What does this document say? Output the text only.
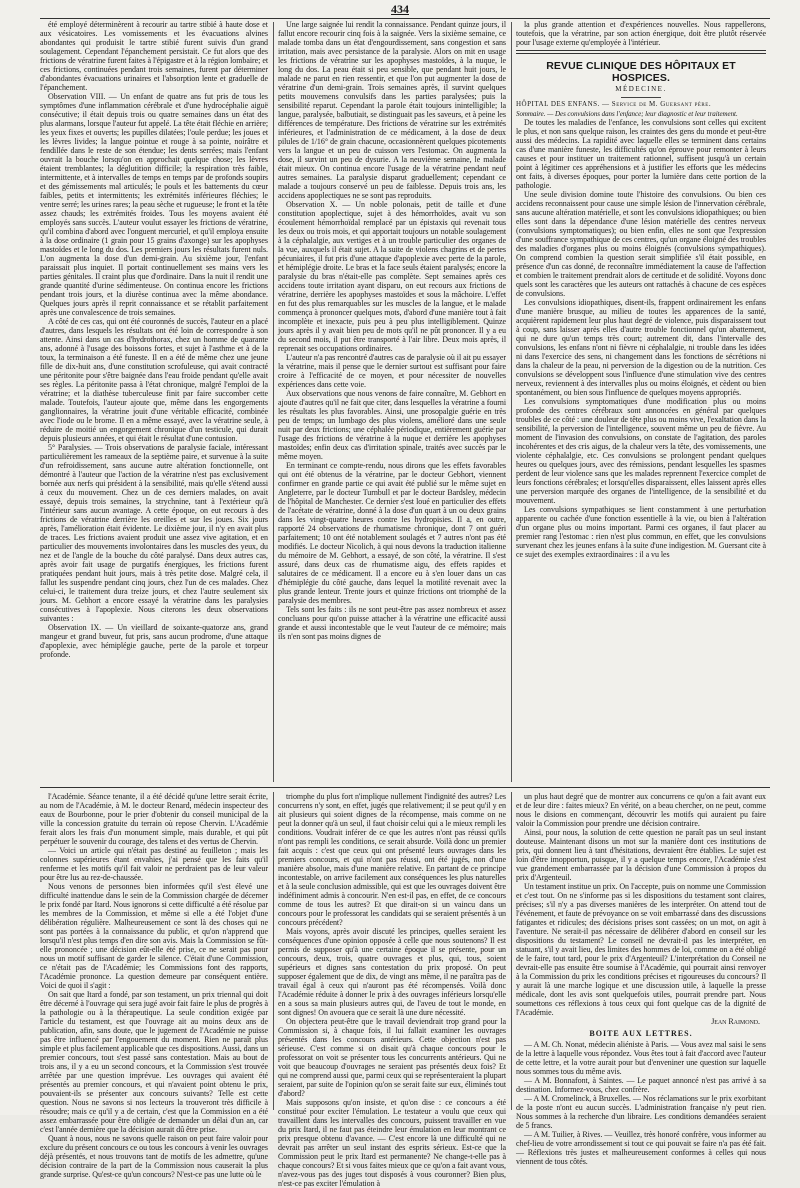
434

été employé déterminèrent à recourir au tartre stibié à haute dose et aux vésicatoires. Les vomissements et les évacuations alvines abondantes qui produisit le tartre stibié furent suivis d'un grand soulagement. Cependant l'épanchement persistait. Ce fut alors que des frictions de vératrine furent faites à l'épigastre et à la région lombaire; et ces frictions, continuées pendant trois semaines, furent par déterminer d'abondantes évacuations urinaires et l'absorption lente et graduelle de l'épanchement.

Observation VIII. — Un enfant de quatre ans fut pris de tous les symptômes d'une inflammation cérébrale et d'une hydrocéphalie aiguë consécutive; il était depuis trois ou quatre semaines dans un état des plus alarmans, lorsque l'auteur fut appelé. La tête était fléchie en arrière; les yeux fixes et ouverts; les pupilles dilatées; l'oule perdue; les joues et les lèvres livides; la langue pointue et rouge à sa pointe, noirâtre et fendillée dans le reste de son étendue; les dents serrées; mais l'enfant ouvrait la bouche lorsqu'on en approchait quelque chose; les lèvres étaient tremblantes; la déglutition difficile; la respiration très faible, intermittente, et à intervalles de temps en temps par de profonds soupirs et des gémissements mal articulés; le pouls et les battements du cœur faibles, petits et intermittents; les extrémités inférieures fléchies; le ventre serré; les urines rares; la peau sèche et rugueuse; le front et la tête assez chauds; les extrémités froides. Tous les moyens avaient été employés sans succès. L'auteur voulut essayer les frictions de vératrine, qu'il combina d'abord avec l'onguent mercuriel, et qu'il employa ensuite à la dose ordinaire (1 grain pour 15 grains d'axonge) sur les apophyses mastoïdes et le long du dos. Les premiers jours les résultats furent nuls. L'on augmenta la dose d'un demi-grain. Au sixième jour, l'enfant paraissait plus inquiet. Il portait continuellement ses mains vers les parties génitales. Il craint plus que d'ordinaire. Dans la nuit il rendit une grande quantité d'urine sédimenteuse. On continua encore les frictions pendant trois jours, et la diurèse continua avec la même abondance. Quelques jours après il reprit connaissance et se rétablit parfaitement après une convalescence de trois semaines.

A côté de ces cas, qui ont été couronnés de succès, l'auteur en a placé d'autres, dans lesquels les résultats ont été loin de correspondre à son attente. Ainsi dans un cas d'hydrothorax, chez un homme de quarante ans, adonné à l'usage des boissons fortes, et sujet à l'asthme et à de la toux, la terminaison a été funeste. Il en a été de même chez une jeune fille de dix-huit ans, d'une constitution scrofuleuse, qui avait contracté une péritonite pour s'être baignée dans l'eau froide pendant qu'elle avait ses règles. La péritonite passa à l'état chronique, malgré l'emploi de la vératrine; et la diathèse tuberculeuse finit par faire succomber cette malade. Toutefois, l'auteur ajoute que, même dans les engorgements ganglionnaires, la vératrine jouit d'une véritable efficacité, combinée avec l'iode ou le brome. Il en a même essayé, avec la vératrine seule, à réduire de moitié un engorgement chronique d'un testicule, qui durait depuis plusieurs années, et qui était le résultat d'une contusion.

5° Paralysies. — Trois observations de paralysie faciale, intéressant particulièrement les rameaux de la septième paire, et survenue à la suite d'un refroidissement, sans aucune autre altération fonctionnelle, ont démontré à l'auteur que l'action de la vératrine n'est pas exclusivement bornée aux nerfs qui président à la sensibilité, mais qu'elle s'étend aussi à ceux du mouvement. Chez un de ces derniers malades, on avait essayé, depuis trois semaines, la strychnine, tant à l'extérieur qu'à l'intérieur sans aucun avantage. A cette époque, on eut recours à des frictions de vératrine derrière les oreilles et sur les joues. Six jours après, l'amélioration était évidente. Le dixième jour, il n'y en avait plus de traces. Les frictions avaient produit une assez vive agitation, et en particulier des mouvements involontaires dans les muscles des yeux, du nez et de l'angle de la bouche du côté paralysé. Dans deux autres cas, après avoir fait usage de purgatifs énergiques, les frictions furent pratiquées pendant huit jours, mais à très petite dose. Malgré cela, il fallut les suspendre pendant cinq jours, chez l'un de ces malades. Chez celui-ci, le traitement dura treize jours, et chez l'autre seulement six jours. M. Gebhort a encore essayé la vératrine dans les paralysies consécutives à l'apoplexie. Nous citerons les deux observations suivantes :

Observation IX. — Un vieillard de soixante-quatorze ans, grand mangeur et grand buveur, fut pris, sans aucun prodrome, d'une attaque d'apoplexie, avec hémiplégie gauche, perte de la parole et torpeur profonde.

Une large saignée lui rendit la connaissance. Pendant quinze jours, il fallut encore recourir cinq fois à la saignée. Vers la sixième semaine, ce malade tomba dans un état d'engourdissement, sans congestion et sans irritation, mais avec persistance de la paralysie. Alors on mit en usage les frictions de vératrine sur les apophyses mastoïdes, à la nuque, le long du dos. La peau était si peu sensible, que pendant huit jours, le malade ne parut en rien ressentir, et que l'on put augmenter la dose de vératrine d'un demi-grain. Trois semaines après, il survint quelques petits mouvemens convulsifs dans les parties paralysées; puis la sensibilité reparut. Cependant la parole était toujours inintelligible; la langue, paralysée, balbutiait, se distinguait pas les saveurs, et à peine les différences de température. Des frictions de vératrine sur les extrémités inférieures, et l'administration de ce médicament, à la dose de deux pilules de 1/16° de grain chacune, occasionnèrent quelques picotements vers la langue et un peu de cuisson vers l'estomac. On augmenta la dose, il survint un peu de dysurie. A la neuvième semaine, le malade était mieux. On continua encore l'usage de la vératrine pendant neuf autres semaines. La paralysie disparut graduellement; cependant ce malade a toujours conservé un peu de faiblesse. Depuis trois ans, les accidens apoplectiques ne se sont pas reproduits.

Observation X. — Un noble polonais, petit de taille et d'une constitution apoplectique, sujet à des hémorrhoïdes, avait vu son écoulement hémorrhoïdal remplacé par un épistaxis qui revenait tous les deux ou trois mois, et qui apportait toujours un notable soulagement à la céphalalgie, aux vertiges et à un trouble particulier des organes de la vue, auxquels il était sujet. A la suite de violens chagrins et de pertes pécuniaires, il fut pris d'une attaque d'apoplexie avec perte de la parole, et hémiplégie droite. Le bras et la face seuls étaient paralysés; encore la paralysie du bras n'était-elle pas complète. Sept semaines après ces accidens toute irritation ayant disparu, on eut recours aux frictions de vératrine, derrière les apophyses mastoïdes et sous la mâchoire. L'effet en fut des plus remarquables sur les muscles de la langue, et le malade commença à prononcer quelques mots, d'abord d'une manière tout à fait incomplète et inexacte, puis peu à peu plus intelligiblement. Quinze jours après il y avait bien peu de mots qu'il ne pût prononcer. Il y a eu du second mois, il put être transporté à l'air libre. Deux mois après, il reprenait ses occupations ordinaires.

L'auteur n'a pas rencontré d'autres cas de paralysie où il ait pu essayer la vératrine, mais il pense que le dernier surtout est suffisant pour faire croire à l'efficacité de ce moyen, et pour nécessiter de nouvelles expériences dans cette voie.

Aux observations que nous venons de faire connaître, M. Gebhort en ajoute d'autres qu'il ne fait que citer, dans lesquelles la vératrine a fourni les résultats les plus favorables. Ainsi, une prosopalgie guérie en très peu de temps; un lumbago des plus violens, amélioré dans une seule nuit par deux frictions; une céphalée périodique, entièrement guérie par l'usage des frictions de vératrine à la nuque et derrière les apophyses mastoïdes; enfin deux cas d'irritation spinale, traités avec succès par le même moyen.

En terminant ce compte-rendu, nous dirons que les effets favorables qui ont été obtenus de la vératrine, par le docteur Gebhort, viennent confirmer en grande partie ce qui avait été publié sur le même sujet en Angleterre, par le docteur Turnbull et par le docteur Bardsley, médecin de l'hôpital de Manchester. Ce dernier s'est loué en particulier des effets de l'acétate de vératrine, donné à la dose d'un quart à un ou deux grains dans les vingt-quatre heures contre les hydropisies. Il a, en outre, rapporté 24 observations de rhumatisme chronique, dont 7 ont guéri parfaitement; 10 ont été notablement soulagés et 7 autres n'ont pas été modifiés. Le docteur Nicolich, à qui nous devons la traduction italienne du mémoire de M. Gebhort, a essayé, de son côté, la vératrine. Il s'est assuré, dans deux cas de rhumatisme aigu, des effets rapides et salutaires de ce médicament. Il a encore eu à s'en louer dans un cas d'hémiplégie du côté gauche, dans lequel la motilité revenait avec la plus grande lenteur. Trente jours et quinze frictions ont triomphé de la paralysie des membres.

Tels sont les faits : ils ne sont peut-être pas assez nombreux et assez concluans pour qu'on puisse attacher à la vératrine une efficacité aussi grande et aussi incontestable que le veut l'auteur de ce mémoire; mais ils n'en sont pas moins dignes de

la plus grande attention et d'expériences nouvelles. Nous rappellerons, toutefois, que la vératrine, par son action énergique, doit être plutôt réservée pour l'usage externe qu'employée à l'intérieur.

REVUE CLINIQUE DES HÔPITAUX ET HOSPICES.
MÉDECINE.
HÔPITAL DES ENFANS. — Service de M. Guersant père.
Sommaire. — Des convulsions dans l'enfance; leur diagnostic et leur traitement.

De toutes les maladies de l'enfance, les convulsions sont celles qui excitent le plus, et non sans quelque raison, les craintes des gens du monde et peut-être aussi des médecins. La rapidité avec laquelle elles se terminent dans certains cas d'une manière funeste, les difficultés qu'on éprouve pour remonter à leurs causes et pour instituer un traitement rationnel, suffisent jusqu'à un certain point à légitimer ces appréhensions et à justifier les efforts que les médecins ont faits, à diverses époques, pour porter la lumière dans cette portion de la pathologie.

Une seule division domine toute l'histoire des convulsions. Ou bien ces accidens reconnaissent pour cause une simple lésion de l'innervation cérébrale, sans aucune altération matérielle, et sont les convulsions idiopathiques; ou bien elles sont dans la dépendance d'une lésion matérielle des centres nerveux (convulsions symptomatiques); ou bien enfin, elles ne sont que l'expression d'une souffrance sympathique de ces centres, qu'un organe éloigné des troubles des maladies d'organes plus ou moins éloignés (convulsions sympathiques). On comprend combien la question serait simplifiée s'il était possible, en présence d'un cas donné, de reconnaître immédiatement la cause de l'affection et combien le traitement prendrait alors de certitude et de solidité. Voyons donc quels sont les caractères que les auteurs ont rattachés à chacune de ces espèces de convulsions.

Les convulsions idiopathiques, disent-ils, frappent ordinairement les enfans d'une manière brusque, au milieu de toutes les apparences de la santé, acquièrent rapidement leur plus haut degré de violence, puis disparaissent tout à coup, sans laisser après elles d'autre trouble fonctionnel qu'un abattement, qui ne dure qu'un temps très court; autrement dit, dans l'intervalle des convulsions, les enfans n'ont ni fièvre ni céphalalgie, ni trouble dans les idées ni dans l'exercice des sens, ni changement dans les fonctions de sécrétions ni dans la chaleur de la peau, ni perversion de la digestion ou de la nutrition. Ces convulsions se développent sous l'influence d'une stimulation vive des centres nerveux, reviennent à des intervalles plus ou moins éloignés, et cèdent ou bien spontanément, ou bien sous l'influence de quelques moyens appropriés.

Les convulsions symptomatiques d'une modification plus ou moins profonde des centres cérébraux sont annoncées en général par quelques troubles de ce côté : une douleur de tête plus ou moins vive, l'exaltation dans la sensibilité, la perversion de l'intelligence, souvent même un peu de fièvre. Au moment de l'invasion des convulsions, on constate de l'agitation, des paroles incohérentes et des cris aigus, de la chaleur vers la tête, des vomissements, une violente céphalalgie, etc. Ces convulsions se prolongent pendant quelques heures ou quelques jours, avec des rémissions, pendant lesquelles les spasmes perdent de leur violence sans que les malades reprennent l'exercice complet de leurs fonctions cérébrales; et lorsqu'elles disparaissent, elles laissent après elles une perversion marquée des organes de l'intelligence, de la sensibilité et du mouvement.

Les convulsions sympathiques se lient constamment à une perturbation apparente ou cachée d'une fonction essentielle à la vie, ou bien à l'altération d'un organe plus ou moins important. Parmi ces organes, il faut placer au premier rang l'estomac : rien n'est plus commun, en effet, que les convulsions survenant chez les jeunes enfans à la suite d'une indigestion. M. Guersant cite à ce sujet des exemples extraordinaires : il a vu les

l'Académie. Séance tenante, il a été décidé qu'une lettre serait écrite, au nom de l'Académie, à M. le docteur Renard, médecin inspecteur des eaux de Bourbonne, pour le prier d'obtenir du conseil municipal de la ville la concession gratuite du terrain où repose Chervin. L'Académie ferait alors les frais d'un monument simple, mais durable, et qui pût perpétuer le souvenir du courage, des talens et des vertus de Chervin.

— Voici un article qui n'était pas destiné au feuilleton ; mais les colonnes supérieures étant envahies, j'ai pensé que les faits qu'il renferme et les motifs qu'il fait valoir ne perdraient pas de leur valeur pour être lus au rez-de-chaussée.

Nous venons de personnes bien informées qu'il s'est élevé une difficulté inattendue dans le sein de la Commission chargée de décerner le prix fondé par Itard. Nous ignorons si cette difficulté a été résolue par les membres de la Commission, et même si elle a été l'objet d'une délibération régulière. Malheureusement ce sont là des choses qui ne sont pas portées à la connaissance du public, et qu'on n'apprend que lorsqu'il n'est plus temps d'en dire son avis. Mais la Commission se fût-elle prononcée ; une décision eût-elle été prise, ce ne serait pas pour nous un motif suffisant de garder le silence. C'était d'une Commission, ce n'était pas de l'Académie; les Commissions font des rapports, l'Académie prononce. La question demeure par conséquent entière. Voici de quoi il s'agit :

On sait que Itard a fondé, par son testament, un prix triennal qui doit être décerné à l'ouvrage qui sera jugé avoir fait faire le plus de progrès à la pathologie ou à la thérapeutique. La seule condition exigée par l'article du testament, est que l'ouvrage ait au moins deux ans de publication, afin, sans doute, que le jugement de l'Académie ne puisse pas être influencé par l'engouement du moment. Rien ne paraît plus simple et plus facilement applicable que ces dispositions. Aussi, dans un premier concours, tout s'est passé sans contestation. Mais au bout de trois ans, il y a eu un second concours, et la Commission s'est trouvée arrêtée par une question imprévue. Les ouvrages qui avaient été présentés au premier concours, et qui n'avaient point obtenu le prix, pouvaient-ils se présenter aux concours suivants? Telle est cette question. Nous ne savons si nos lecteurs la trouveront très difficile à résoudre; mais ce qu'il y a de certain, c'est que la Commission en a été assez embarrassée pour être obligée de demander un délai d'un an, car c'est l'année dernière que la décision aurait dû être prise.

Quant à nous, nous ne savons quelle raison on peut faire valoir pour exclure du présent concours ce ou tous les concours à venir les ouvrages déjà présentés, et nous trouvons tant de motifs de les admettre, qu'une décision contraire de la part de la Commission nous causerait la plus grande surprise. Qu'est-ce qu'un concours? N'est-ce pas une lutte où le

triomphe du plus fort n'implique nullement l'indignité des autres? Les concurrens n'y sont, en effet, jugés que relativement; il se peut qu'il y en ait plusieurs qui soient dignes de la récompense, mais comme on ne peut la donner qu'à un seul, il faut choisir celui qui a le mieux rempli les conditions. Voudrait inférer de ce que les autres n'ont pas réussi qu'ils n'ont pas rempli les conditions, ce serait absurde. Voilà donc un premier fait acquis : c'est que ceux qui ont présenté leurs ouvrages dans les premiers concours, et qui n'ont pas réussi, ont été jugés, non d'une manière absolue, mais d'une manière relative. En partant de ce principe incontestable, on arrive facilement aux conséquences les plus naturelles et à la seule conclusion admissible, qui est que les ouvrages doivent être indéfiniment admis à concourir. N'en est-il pas, en effet, de ce concours comme de tous les autres? Et que dirait-on si un vaincu dans un concours pour le professorat les candidats qui se seraient présentés à un concours précédent?

Mais voyons, après avoir discuté les principes, quelles seraient les conséquences d'une opinion opposée à celle que nous soutenons? Il est permis de supposer qu'à une certaine époque il se présente, pour un concours, deux, trois, quatre ouvrages et plus, qui, tous, soient supérieurs et dignes sans contestation du prix proposé. On peut supposer également que de dix, de vingt ans même, il ne paraîtra pas de travail égal à ceux qui n'auront pas été récompensés. Voilà donc l'Académie réduite à donner le prix à des ouvrages inférieurs lorsqu'elle en a sous sa main plusieurs autres qui, de l'aveu de tout le monde, en sont dignes! On avouera que ce serait là une dure nécessité.

On objectera peut-être que le travail deviendrait trop grand pour la Commission si, à chaque fois, il lui fallait examiner les ouvrages présentés dans les concours antérieurs. Cette objection n'est pas sérieuse. C'est comme si on disait qu'à chaque concours pour le professorat on voit se présenter tous les concurrents antérieurs. Qui ne voit que beaucoup d'ouvrages ne seraient pas présentés deux fois? Et qui ne comprend aussi que, parmi ceux qui se représenteraient la plupart seraient, par suite de l'opinion qu'on se serait faite sur eux, éliminés tout d'abord?

Mais supposons qu'on insiste, et qu'on dise : ce concours a été constitué pour exciter l'émulation. Le testateur a voulu que ceux qui travaillent dans les intervalles des concours, puissent travailler en vue du prix Itard, il ne faut pas éteindre leur émulation en leur montrant ce prix presque obtenu d'avance. — C'est encore là une difficulté qui ne devrait pas arrêter un seul instant des esprits sérieux. Est-ce que la Commission peut le prix Itard est permanente? Ne change-t-elle pas à chaque concours? Et si vous faites mieux que ce qu'on a fait avant vous, n'avez-vous pas des juges tout disposés à vous couronner? Bien plus, n'est-ce pas exciter l'émulation à

un plus haut degré que de montrer aux concurrens ce qu'on a fait avant eux et de leur dire : faites mieux? En vérité, on a beau chercher, on ne peut, comme nous le disions en commençant, découvrir les motifs qui auraient pu faire valoir la Commission pour prendre une décision contraire.

Ainsi, pour nous, la solution de cette question ne paraît pas un seul instant douteuse. Maintenant disons un mot sur la manière dont ces institutions de prix, qui donnent lieu à tant d'hésitations, devraient être établies. Le sujet est loin d'être imopportun, puisque, il y a quelque temps encore, l'Académie s'est vue grandement embarrassée par la décision d'une Commission à propos du prix d'Argenteuil.

Un testament institue un prix. On l'accepte, puis on nomme une Commission et c'est tout. On ne s'informe pas si les dispositions du testament sont claires, précises; s'il n'y a pas diverses manières de les interpréter. On attend tout de l'événement, et faute de prévoyance on se voit embarrassé dans des discussions fatigantes et ridicules; des décisions prises sont cassées; on un mot, on agit à l'aventure. Ne serait-il pas nécessaire de délibérer d'abord en conseil sur les dispositions du testament? Le conseil ne devrait-il pas les interpréter, en statuant, s'il y avait lieu, des limites des hommes de loi, comme on a été obligé de le faire, tout tard, pour le prix d'Argenteuil? L'interprétation du Conseil ne devrait-elle pas ensuite être soumise à l'Académie, qui pourrait ainsi renvoyer à la Commission du prix les conditions précises et rigoureuses du concours? Il y aurait là une marche logique et une discussion utile, à laquelle la presse médicale, dont les avis sont quelquefois utiles, pourrait prendre part. Nous soumettons ces réflexions à tous ceux qui font quelque cas de la dignité de l'Académie.

Jean Raimond.
BOITE AUX LETTRES.

— A M. Ch. Nonat, médecin aliéniste à Paris. — Vous avez mal saisi le sens de la lettre à laquelle vous répondez. Vous êtes tout à fait d'accord avec l'auteur de cette lettre, et la votre aurait pour but d'enveniner une question sur laquelle nous sommes tous du même avis.

— A M. Bonnafont, à Saintes. — Le paquet annoncé n'est pas arrivé à sa destination. Informez-vous, chez confrère.

— A M. Cromelinck, à Bruxelles. — Nos réclamations sur le prix exorbitant de la poste n'ont eu aucun succès. L'administration française n'y peut rien. Nous sommes à la recherche d'un libraire. Les conditions demandées seraient de 5 francs.

— A M. Tuilier, à Rives. — Veuillez, très honoré confrère, vous informer au chef-lieu de votre arrondissement si tout ce qui pouvait se faire n'a pas été fait. — Réflexions très justes et malheureusement conformes à celles qui nous viennent de tous côtés.
